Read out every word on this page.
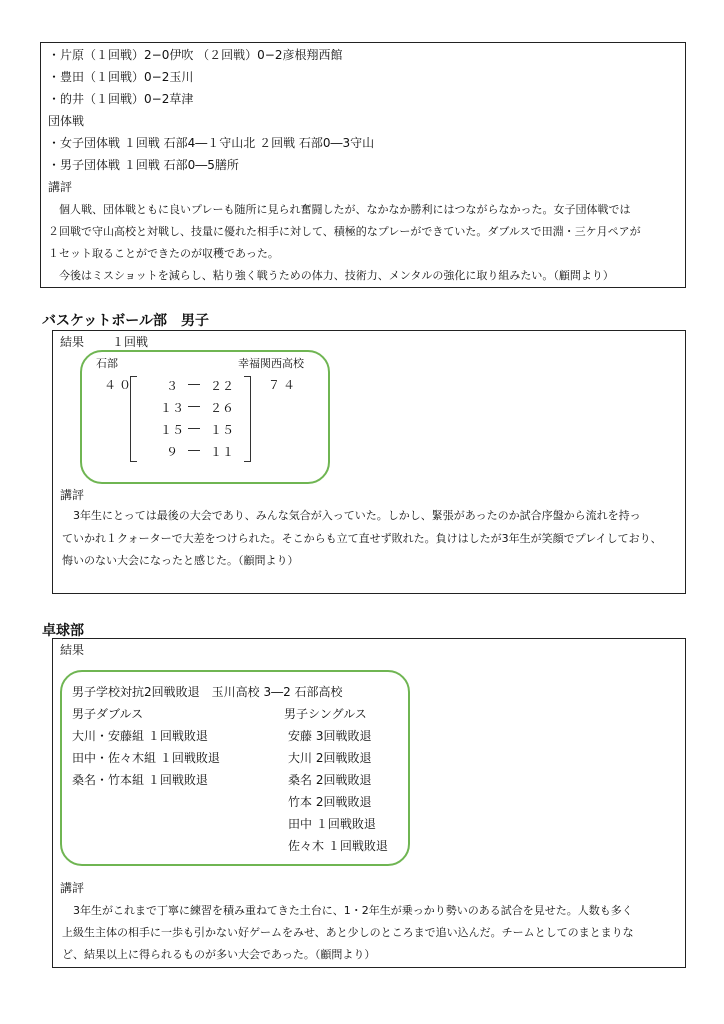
・片原（１回戦）2−0伊吹 （２回戦）0−2彦根翔西館
・豊田（１回戦）0−2玉川
・的井（１回戦）0−2草津
団体戦
・女子団体戦 １回戦 石部4―１守山北 ２回戦 石部0―3守山
・男子団体戦 １回戦 石部0―5膳所
講評
　個人戦、団体戦ともに良いプレーも随所に見られ奮闘したが、なかなか勝利にはつながらなかった。女子団体戦では
２回戦で守山高校と対戦し、技量に優れた相手に対して、積極的なプレーができていた。ダブルスで田淵・三ケ月ペアが
１セット取ることができたのが収穫であった。
　今後はミスショットを減らし、粘り強く戦うための体力、技術力、メンタルの強化に取り組みたい。（顧問より）
バスケットボール部　男子
結果 １回戦
石部	幸福関西高校
４０	７４
３ ― ２２
１３ ― ２６
１５ ― １５
９ ― １１
講評
　3年生にとっては最後の大会であり、みんな気合が入っていた。しかし、緊張があったのか試合序盤から流れを持っ
ていかれ１クォーターで大差をつけられた。そこからも立て直せず敗れた。負けはしたが3年生が笑顔でプレイしており、
悔いのない大会になったと感じた。（顧問より）
卓球部
結果
男子学校対抗2回戦敗退　玉川高校 3―2 石部高校
男子ダブルス
大川・安藤組 １回戦敗退
田中・佐々木組 １回戦敗退
桑名・竹本組 １回戦敗退
男子シングルス
安藤 3回戦敗退
大川 2回戦敗退
桑名 2回戦敗退
竹本 2回戦敗退
田中 １回戦敗退
佐々木 １回戦敗退
講評
　3年生がこれまで丁寧に練習を積み重ねてきた土台に、1・2年生が乗っかり勢いのある試合を見せた。人数も多く
上級生主体の相手に一歩も引かない好ゲームをみせ、あと少しのところまで追い込んだ。チームとしてのまとまりな
ど、結果以上に得られるものが多い大会であった。（顧問より）
